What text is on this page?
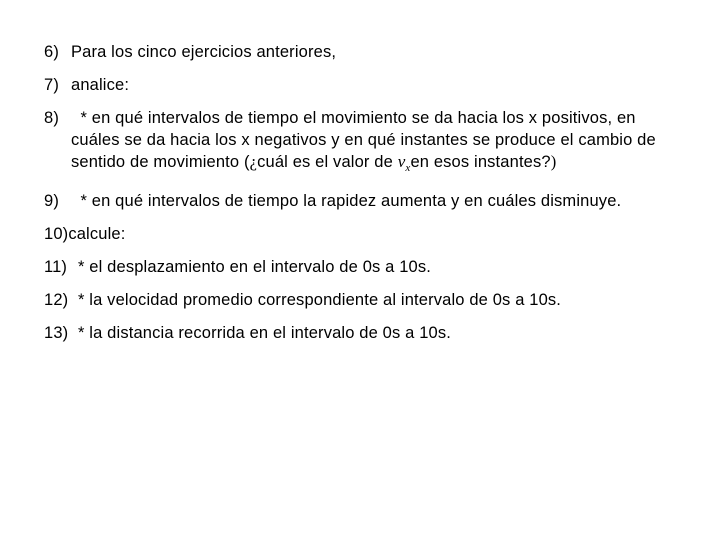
6) Para los cinco ejercicios anteriores,
7) analice:
8) * en qué intervalos de tiempo el movimiento se da hacia los x positivos, en cuáles se da hacia los x negativos y en qué instantes se produce el cambio de sentido de movimiento (¿cuál es el valor de $v_xen$ esos instantes?)
9) * en qué intervalos de tiempo la rapidez aumenta y en cuáles disminuye.
10)calcule:
11) * el desplazamiento en el intervalo de 0s a 10s.
12) * la velocidad promedio correspondiente al intervalo de 0s a 10s.
13) * la distancia recorrida en el intervalo de 0s a 10s.
